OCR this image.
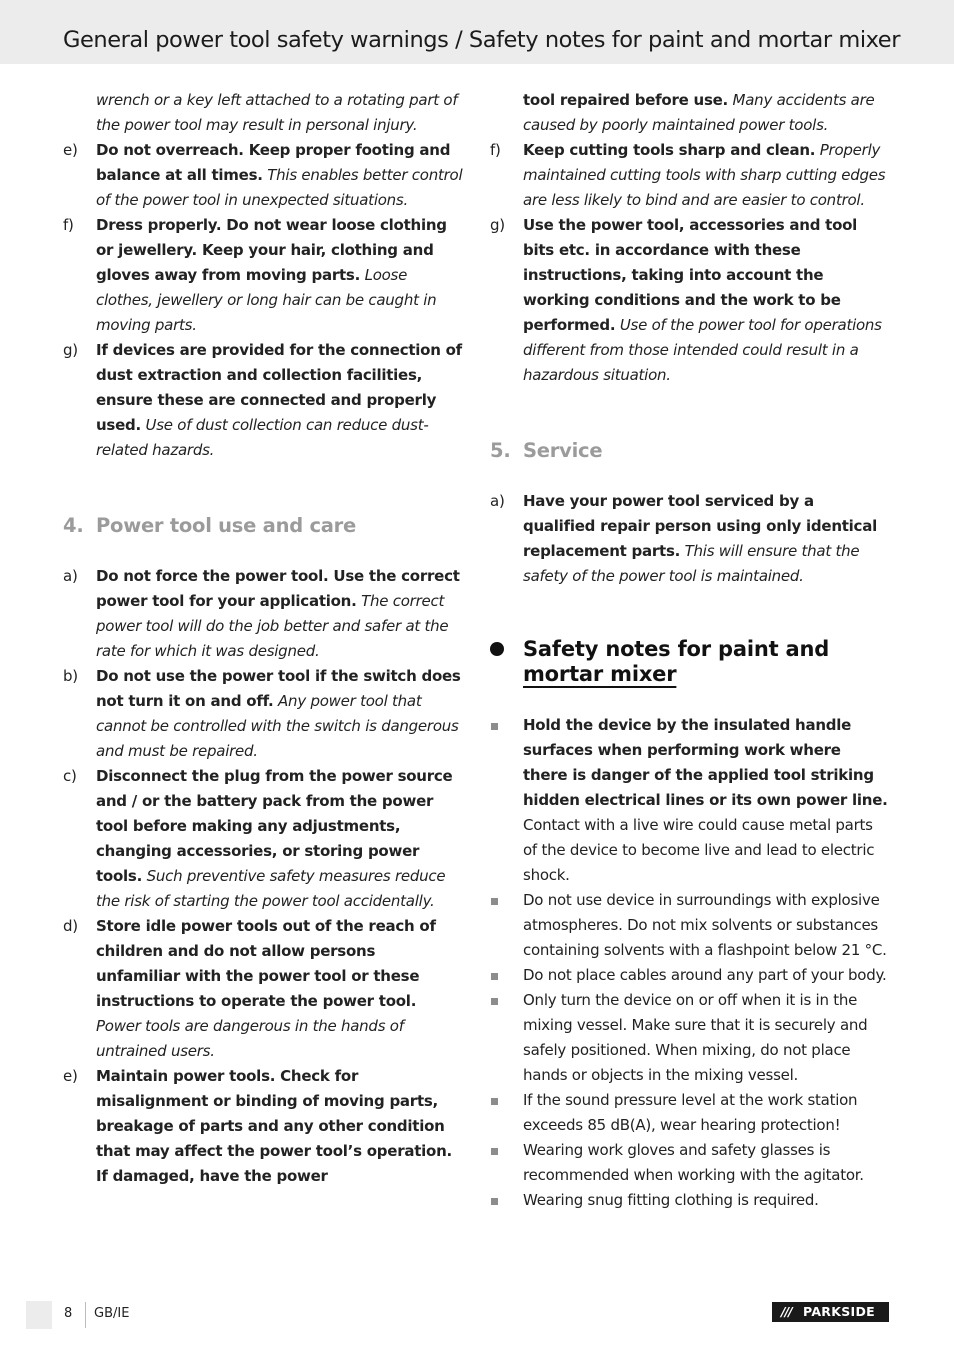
General power tool safety warnings / Safety notes for paint and mortar mixer

wrench or a key left attached to a rotating part of the power tool may result in personal injury.

e) Do not overreach. Keep proper footing and balance at all times. This enables better control of the power tool in unexpected situations.

f) Dress properly. Do not wear loose clothing or jewellery. Keep your hair, clothing and gloves away from moving parts. Loose clothes, jewellery or long hair can be caught in moving parts.

g) If devices are provided for the connection of dust extraction and collection facilities, ensure these are connected and properly used. Use of dust collection can reduce dust-related hazards.

4. Power tool use and care

a) Do not force the power tool. Use the correct power tool for your application. The correct power tool will do the job better and safer at the rate for which it was designed.

b) Do not use the power tool if the switch does not turn it on and off. Any power tool that cannot be controlled with the switch is dangerous and must be repaired.

c) Disconnect the plug from the power source and / or the battery pack from the power tool before making any adjustments, changing accessories, or storing power tools. Such preventive safety measures reduce the risk of starting the power tool accidentally.

d) Store idle power tools out of the reach of children and do not allow persons unfamiliar with the power tool or these instructions to operate the power tool. Power tools are dangerous in the hands of untrained users.

e) Maintain power tools. Check for misalignment or binding of moving parts, breakage of parts and any other condition that may affect the power tool’s operation. If damaged, have the power

tool repaired before use. Many accidents are caused by poorly maintained power tools.

f) Keep cutting tools sharp and clean. Properly maintained cutting tools with sharp cutting edges are less likely to bind and are easier to control.

g) Use the power tool, accessories and tool bits etc. in accordance with these instructions, taking into account the working conditions and the work to be performed. Use of the power tool for operations different from those intended could result in a hazardous situation.

5. Service

a) Have your power tool serviced by a qualified repair person using only identical replacement parts. This will ensure that the safety of the power tool is maintained.

Safety notes for paint and
mortar mixer

Hold the device by the insulated handle surfaces when performing work where there is danger of the applied tool striking hidden electrical lines or its own power line. Contact with a live wire could cause metal parts of the device to become live and lead to electric shock.

Do not use device in surroundings with explosive atmospheres. Do not mix solvents or substances containing solvents with a flashpoint below 21 °C.

Do not place cables around any part of your body.

Only turn the device on or off when it is in the mixing vessel. Make sure that it is securely and safely positioned. When mixing, do not place hands or objects in the mixing vessel.

If the sound pressure level at the work station exceeds 85 dB(A), wear hearing protection!

Wearing work gloves and safety glasses is recommended when working with the agitator.

Wearing snug fitting clothing is required.

8 GB/IE	/// PARKSIDE
